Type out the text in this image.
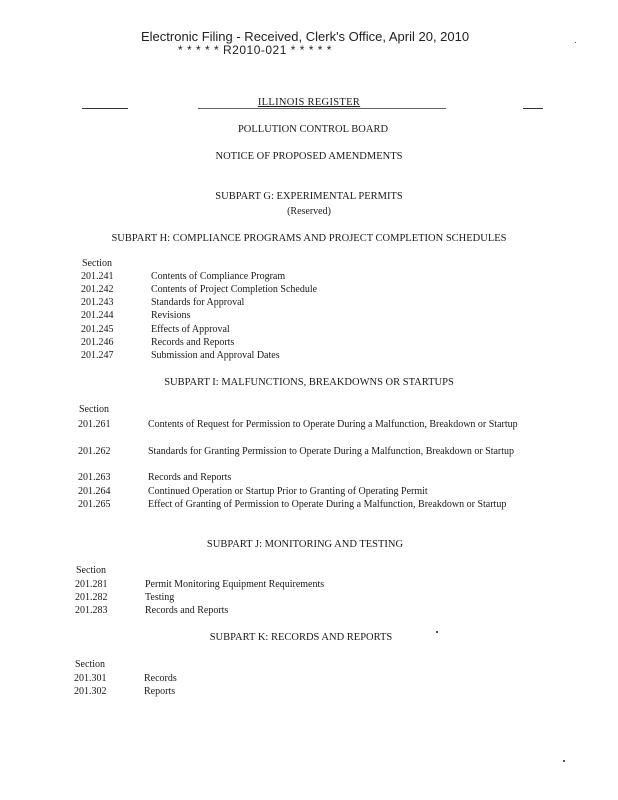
Electronic Filing - Received, Clerk's Office, April 20, 2010
* * * * * R2010-021 * * * * *
ILLINOIS REGISTER
POLLUTION CONTROL BOARD
NOTICE OF PROPOSED AMENDMENTS
SUBPART G: EXPERIMENTAL PERMITS
(Reserved)
SUBPART H: COMPLIANCE PROGRAMS AND PROJECT COMPLETION SCHEDULES
Section
201.241	Contents of Compliance Program
201.242	Contents of Project Completion Schedule
201.243	Standards for Approval
201.244	Revisions
201.245	Effects of Approval
201.246	Records and Reports
201.247	Submission and Approval Dates
SUBPART I: MALFUNCTIONS, BREAKDOWNS OR STARTUPS
Section
201.261	Contents of Request for Permission to Operate During a Malfunction, Breakdown or Startup
201.262	Standards for Granting Permission to Operate During a Malfunction, Breakdown or Startup
201.263	Records and Reports
201.264	Continued Operation or Startup Prior to Granting of Operating Permit
201.265	Effect of Granting of Permission to Operate During a Malfunction, Breakdown or Startup
SUBPART J: MONITORING AND TESTING
Section
201.281	Permit Monitoring Equipment Requirements
201.282	Testing
201.283	Records and Reports
SUBPART K: RECORDS AND REPORTS
Section
201.301	Records
201.302	Reports
